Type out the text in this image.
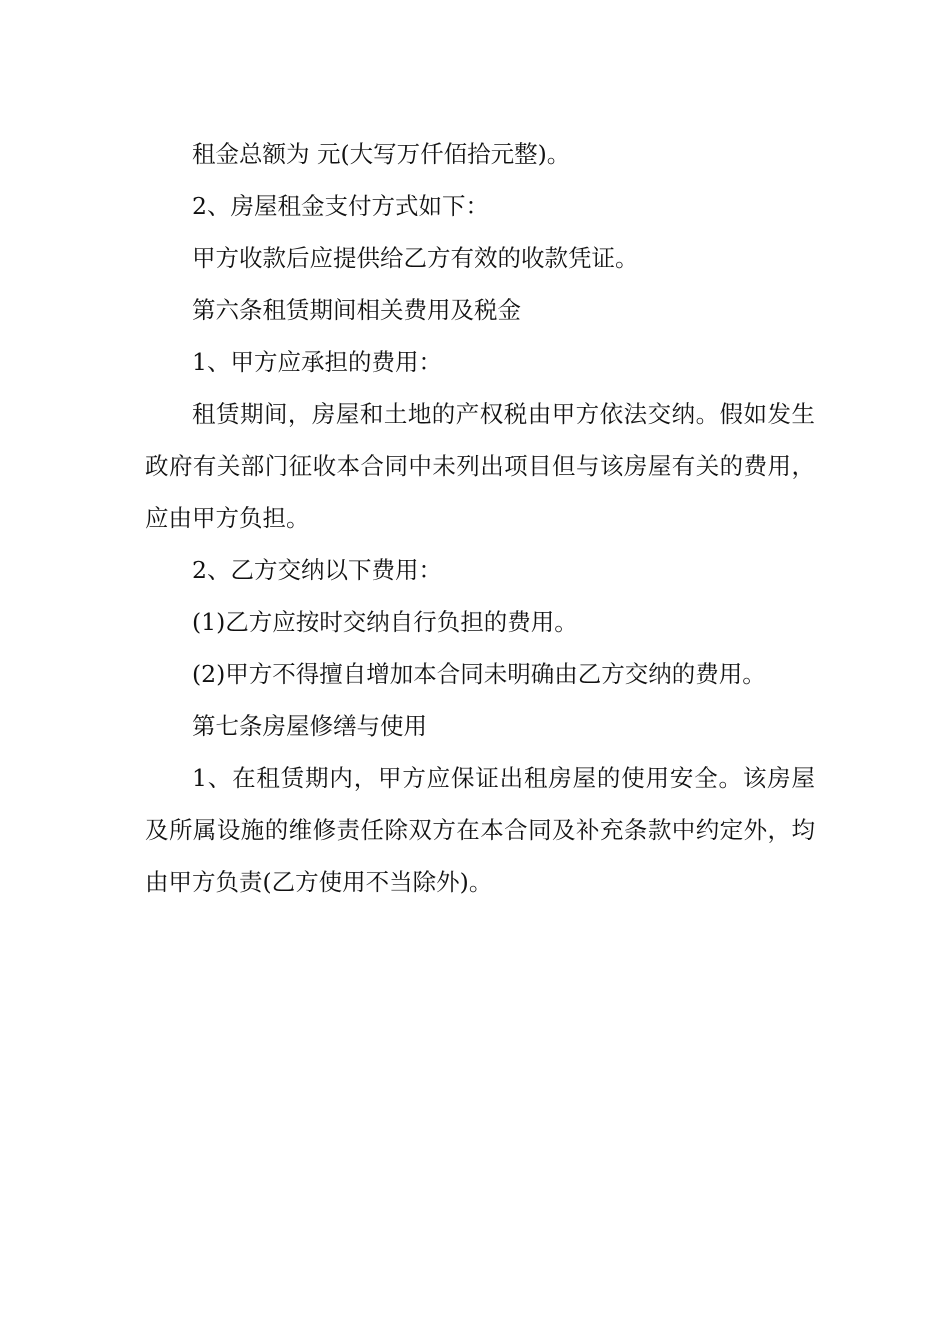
租金总额为 元(大写万仟佰拾元整)。

2、房屋租金支付方式如下：

甲方收款后应提供给乙方有效的收款凭证。

第六条租赁期间相关费用及税金

1、甲方应承担的费用：

租赁期间，房屋和土地的产权税由甲方依法交纳。假如发生政府有关部门征收本合同中未列出项目但与该房屋有关的费用，应由甲方负担。

2、乙方交纳以下费用：

(1)乙方应按时交纳自行负担的费用。

(2)甲方不得擅自增加本合同未明确由乙方交纳的费用。

第七条房屋修缮与使用

1、在租赁期内，甲方应保证出租房屋的使用安全。该房屋及所属设施的维修责任除双方在本合同及补充条款中约定外，均由甲方负责(乙方使用不当除外)。
